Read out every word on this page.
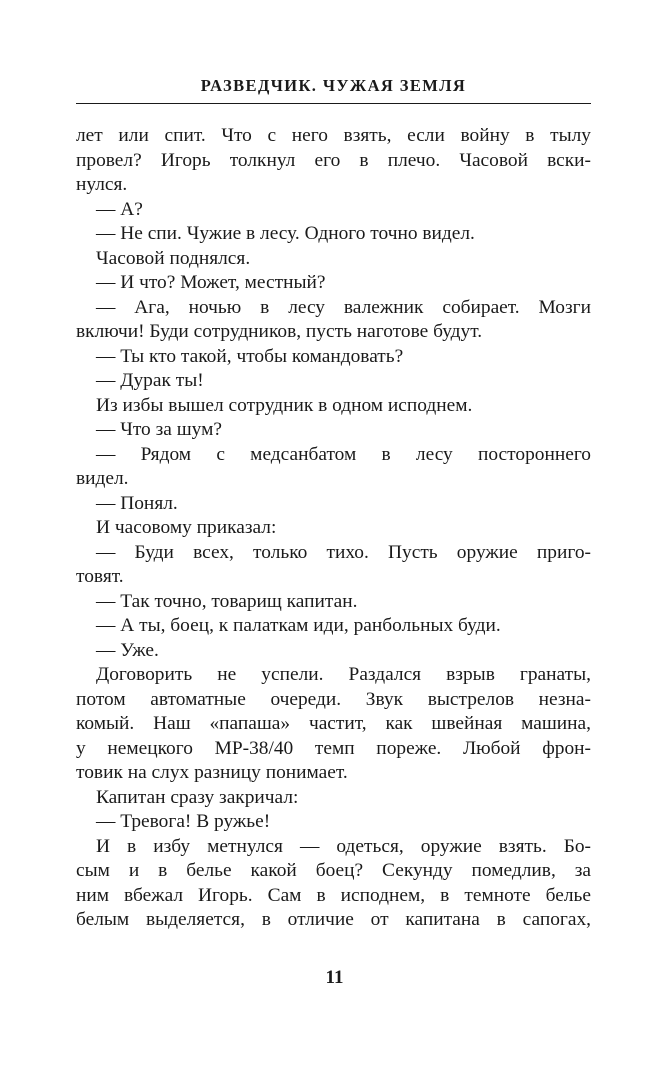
РАЗВЕДЧИК. ЧУЖАЯ ЗЕМЛЯ
лет или спит. Что с него взять, если войну в тылу
провел? Игорь толкнул его в плечо. Часовой вски-
нулся.
— А?
— Не спи. Чужие в лесу. Одного точно видел.
Часовой поднялся.
— И что? Может, местный?
— Ага, ночью в лесу валежник собирает. Мозги
включи! Буди сотрудников, пусть наготове будут.
— Ты кто такой, чтобы командовать?
— Дурак ты!
Из избы вышел сотрудник в одном исподнем.
— Что за шум?
— Рядом с медсанбатом в лесу постороннего
видел.
— Понял.
И часовому приказал:
— Буди всех, только тихо. Пусть оружие приго-
товят.
— Так точно, товарищ капитан.
— А ты, боец, к палаткам иди, ранбольных буди.
— Уже.
Договорить не успели. Раздался взрыв гранаты,
потом автоматные очереди. Звук выстрелов незна-
комый. Наш «папаша» частит, как швейная машина,
у немецкого МР-38/40 темп пореже. Любой фрон-
товик на слух разницу понимает.
Капитан сразу закричал:
— Тревога! В ружье!
И в избу метнулся — одеться, оружие взять. Бо-
сым и в белье какой боец? Секунду помедлив, за
ним вбежал Игорь. Сам в исподнем, в темноте белье
белым выделяется, в отличие от капитана в сапогах,
11
